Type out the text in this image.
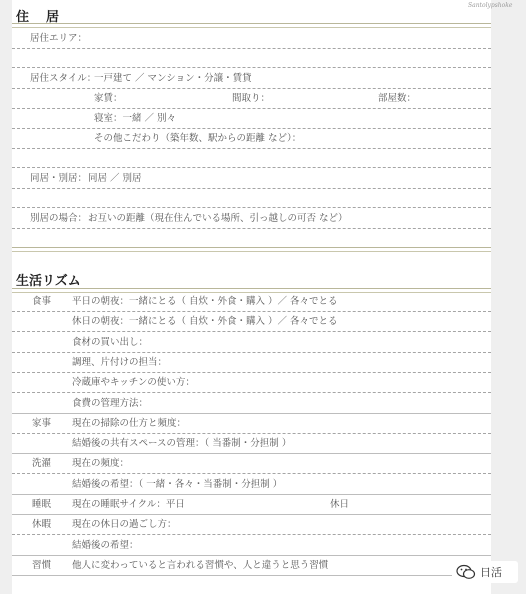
Santolypshoke
住　居
居住エリア：
居住スタイル：
一戸建て ／ マンション・分譲・賃貸
家賃：	間取り：	部屋数：
寝室：一緒 ／ 別々
その他こだわり（築年数、駅からの距離 など）：
同居・別居： 同居 ／ 別居
別居の場合： お互いの距離（現在住んでいる場所、引っ越しの可否 など）
生活リズム
食事 平日の朝夜：一緒にとる（ 自炊・外食・購入 ）／ 各々でとる
休日の朝夜：一緒にとる（ 自炊・外食・購入 ）／ 各々でとる
食材の買い出し：
調理、片付けの担当：
冷蔵庫やキッチンの使い方：
食費の管理方法：
家事 現在の掃除の仕方と頻度：
結婚後の共有スペースの管理：（ 当番制・分担制 ）
洗濯 現在の頻度：
結婚後の希望：（ 一緒・各々・当番制・分担制 ）
睡眠 現在の睡眠サイクル：平日	休日
休暇 現在の休日の過ごし方：
結婚後の希望：
習慣 他人に変わっていると言われる習慣や、人と違うと思う習慣
日活
